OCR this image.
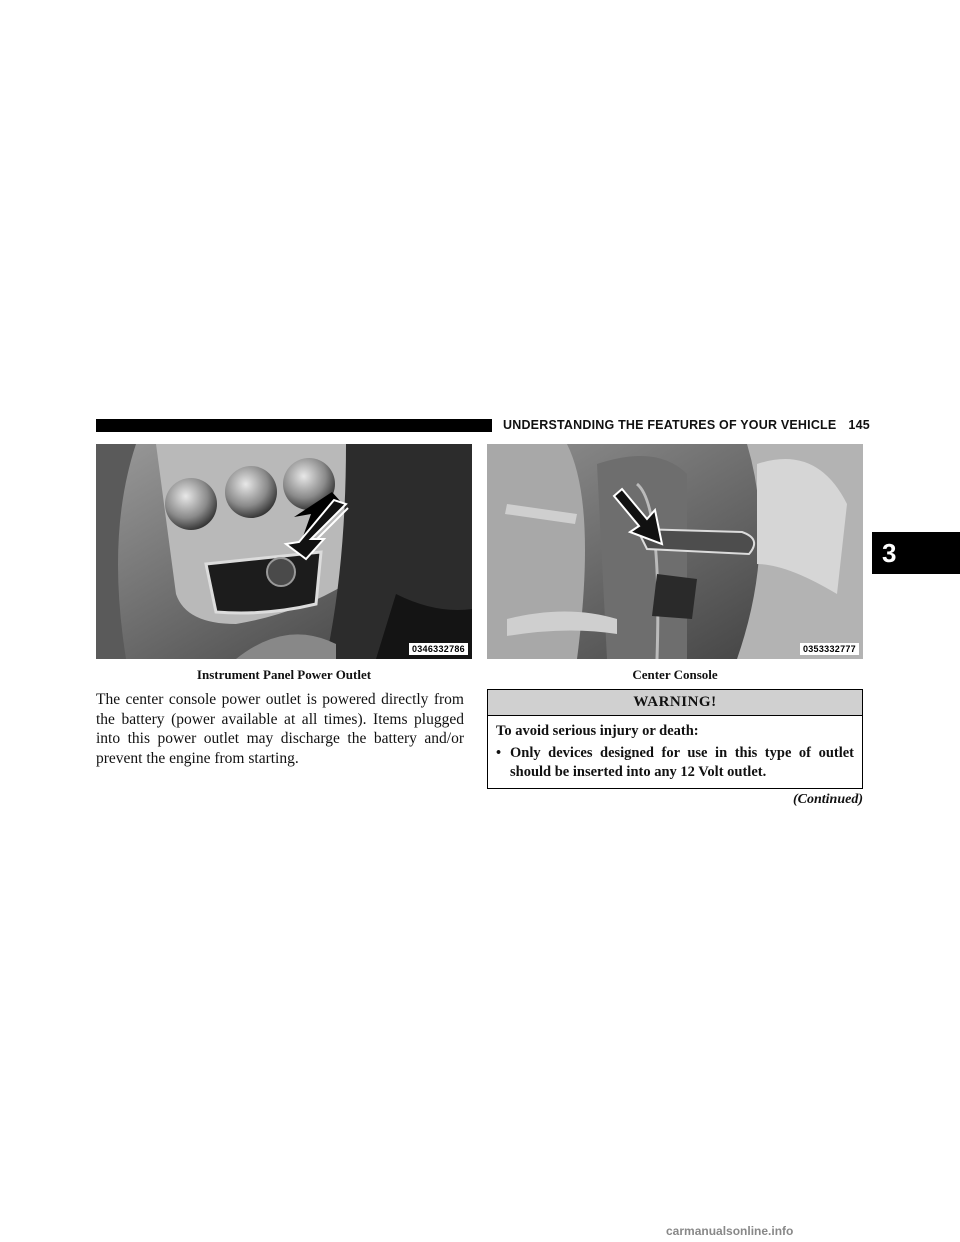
UNDERSTANDING THE FEATURES OF YOUR VEHICLE 145
3
0346332786	0353332777
Instrument Panel Power Outlet	Center Console

The center console power outlet is powered directly from the battery (power available at all times). Items plugged into this power outlet may discharge the battery and/or prevent the engine from starting.

WARNING!
To avoid serious injury or death:
• Only devices designed for use in this type of outlet should be inserted into any 12 Volt outlet.
(Continued)
carmanualsonline.info
